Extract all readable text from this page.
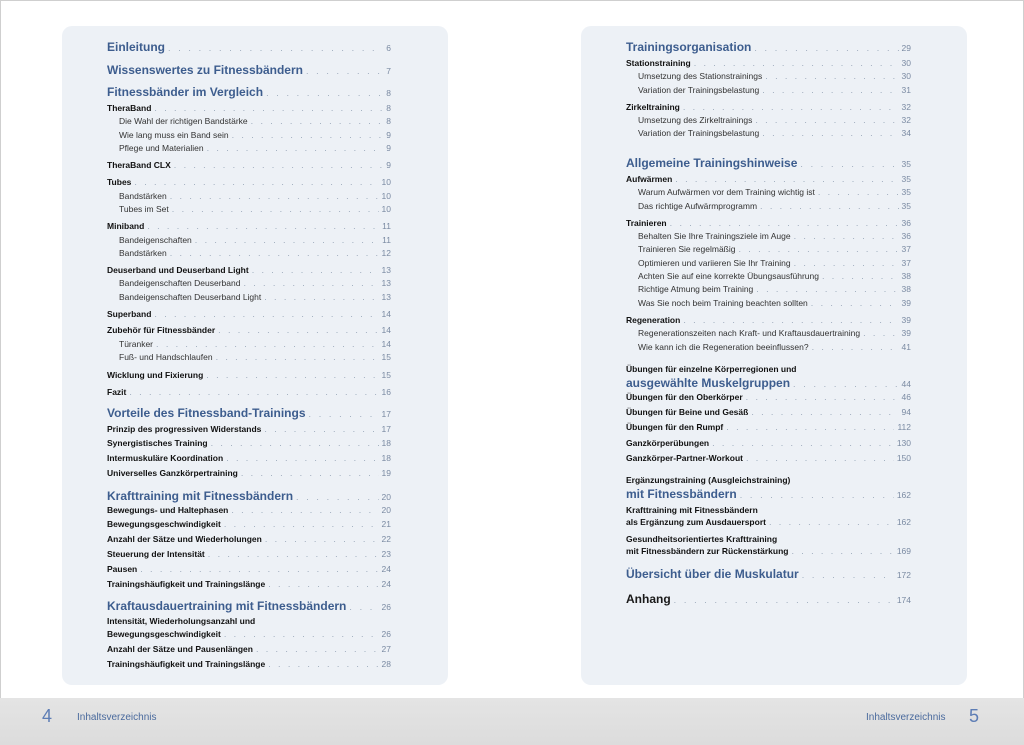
Einleitung . . .	6
Wissenswertes zu Fitnessbändern . . .	7
Fitnessbänder im Vergleich . . .	8
TheraBand . . .	8
Die Wahl der richtigen Bandstärke . . .	8
Wie lang muss ein Band sein . . .	9
Pflege und Materialien . . .	9
TheraBand CLX . . .	9
Tubes . . .	10
Bandstärken . . .	10
Tubes im Set . . .	10
Miniband . . .	11
Bandeigenschaften . . .	11
Bandstärken . . .	12
Deuserband und Deuserband Light . . .	13
Bandeigenschaften Deuserband . . .	13
Bandeigenschaften Deuserband Light . . .	13
Superband . . .	14
Zubehör für Fitnessbänder . . .	14
Türanker . . .	14
Fuß- und Handschlaufen . . .	15
Wicklung und Fixierung . . .	15
Fazit . . .	16
Vorteile des Fitnessband-Trainings . . .	17
Prinzip des progressiven Widerstands . . .	17
Synergistisches Training . . .	18
Intermuskuläre Koordination . . .	18
Universelles Ganzkörpertraining . . .	19
Krafttraining mit Fitnessbändern . . .	20
Bewegungs- und Haltephasen . . .	20
Bewegungsgeschwindigkeit . . .	21
Anzahl der Sätze und Wiederholungen . . .	22
Steuerung der Intensität . . .	23
Pausen . . .	24
Trainingshäufigkeit und Trainingslänge . . .	24
Kraftausdauertraining mit Fitnessbändern . . .	26
Intensität, Wiederholungsanzahl und
Bewegungsgeschwindigkeit . . .	26
Anzahl der Sätze und Pausenlängen . . .	27
Trainingshäufigkeit und Trainingslänge . . .	28
Trainingsorganisation . . .	29
Stationstraining . . .	30
Umsetzung des Stationstrainings . . .	30
Variation der Trainingsbelastung . . .	31
Zirkeltraining . . .	32
Umsetzung des Zirkeltrainings . . .	32
Variation der Trainingsbelastung . . .	34
Allgemeine Trainingshinweise . . .	35
Aufwärmen . . .	35
Warum Aufwärmen vor dem Training wichtig ist . . .	35
Das richtige Aufwärmprogramm . . .	35
Trainieren . . .	36
Behalten Sie Ihre Trainingsziele im Auge . . .	36
Trainieren Sie regelmäßig . . .	37
Optimieren und variieren Sie Ihr Training . . .	37
Achten Sie auf eine korrekte Übungsausführung . . .	38
Richtige Atmung beim Training . . .	38
Was Sie noch beim Training beachten sollten . . .	39
Regeneration . . .	39
Regenerationszeiten nach Kraft- und Kraftausdauertraining . . .	39
Wie kann ich die Regeneration beeinflussen? . . .	41
Übungen für einzelne Körperregionen und
ausgewählte Muskelgruppen . . .	44
Übungen für den Oberkörper . . .	46
Übungen für Beine und Gesäß . . .	94
Übungen für den Rumpf . . .	112
Ganzkörperübungen . . .	130
Ganzkörper-Partner-Workout . . .	150
Ergänzungstraining (Ausgleichstraining)
mit Fitnessbändern . . .	162
Krafttraining mit Fitnessbändern
als Ergänzung zum Ausdauersport . . .	162
Gesundheitsorientiertes Krafttraining
mit Fitnessbändern zur Rückenstärkung . . .	169
Übersicht über die Muskulatur . . .	172
Anhang . . .	174
4 Inhaltsverzeichnis	Inhaltsverzeichnis 5
